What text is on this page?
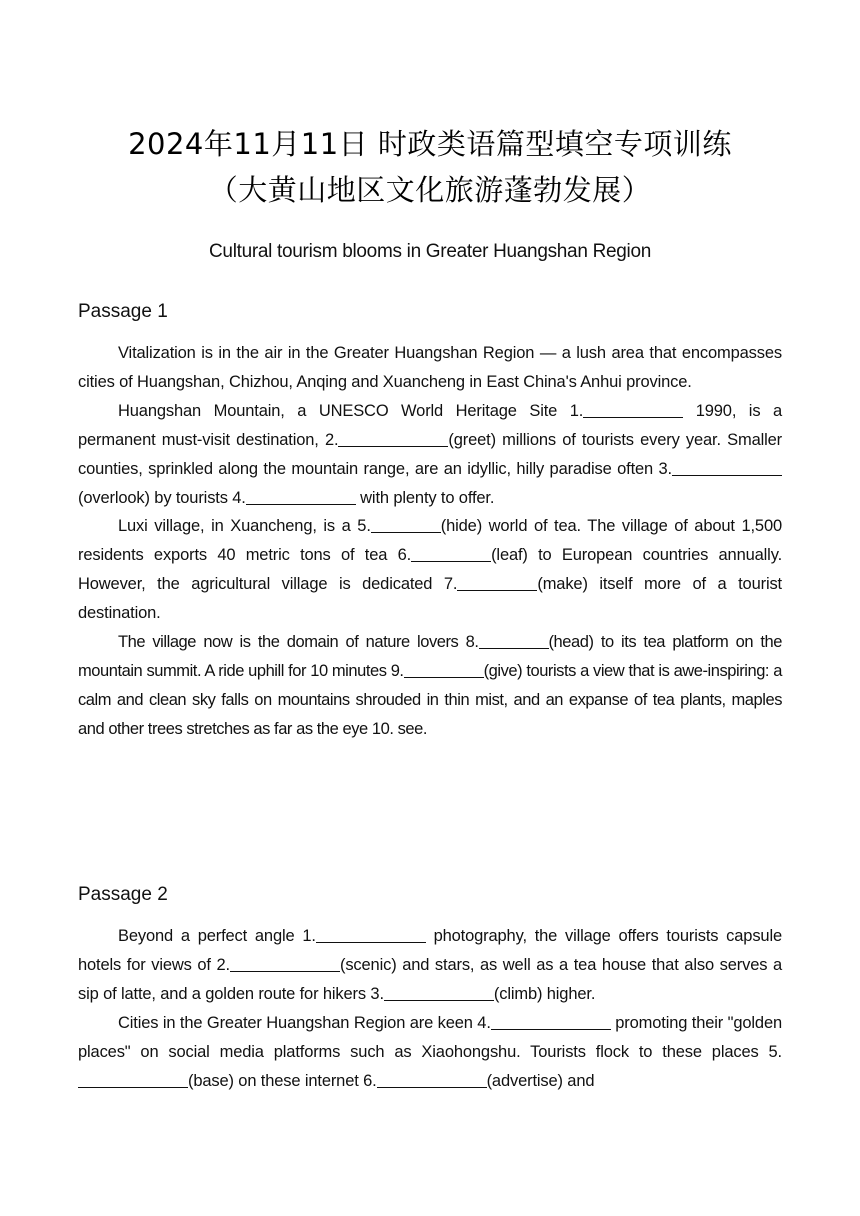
2024年11月11日 时政类语篇型填空专项训练
（大黄山地区文化旅游蓬勃发展）
Cultural tourism blooms in Greater Huangshan Region
Passage 1

Vitalization is in the air in the Greater Huangshan Region — a lush area that encompasses cities of Huangshan, Chizhou, Anqing and Xuancheng in East China's Anhui province.

Huangshan Mountain, a UNESCO World Heritage Site 1.	1990, is a permanent must-visit destination, 2.	(greet) millions of tourists every year. Smaller counties, sprinkled along the mountain range, are an idyllic, hilly paradise often 3.(overlook) by tourists 4.	with plenty to offer.

Luxi village, in Xuancheng, is a 5.	(hide) world of tea. The village of about 1,500 residents exports 40 metric tons of tea 6.	(leaf) to European countries annually. However, the agricultural village is dedicated 7.	(make) itself more of a tourist destination.

The village now is the domain of nature lovers 8.	(head) to its tea platform on the mountain summit. A ride uphill for 10 minutes 9.	(give) tourists a view that is awe-inspiring: a calm and clean sky falls on mountains shrouded in thin mist, and an expanse of tea plants, maples and other trees stretches as far as the eye 10. see.

Passage 2

Beyond a perfect angle 1.	photography, the village offers tourists capsule hotels for views of 2.	(scenic) and stars, as well as a tea house that also serves a sip of latte, and a golden route for hikers 3.	(climb) higher.

Cities in the Greater Huangshan Region are keen 4.	promoting their "golden places" on social media platforms such as Xiaohongshu. Tourists flock to these places 5.(base) on these internet 6.	(advertise) and
